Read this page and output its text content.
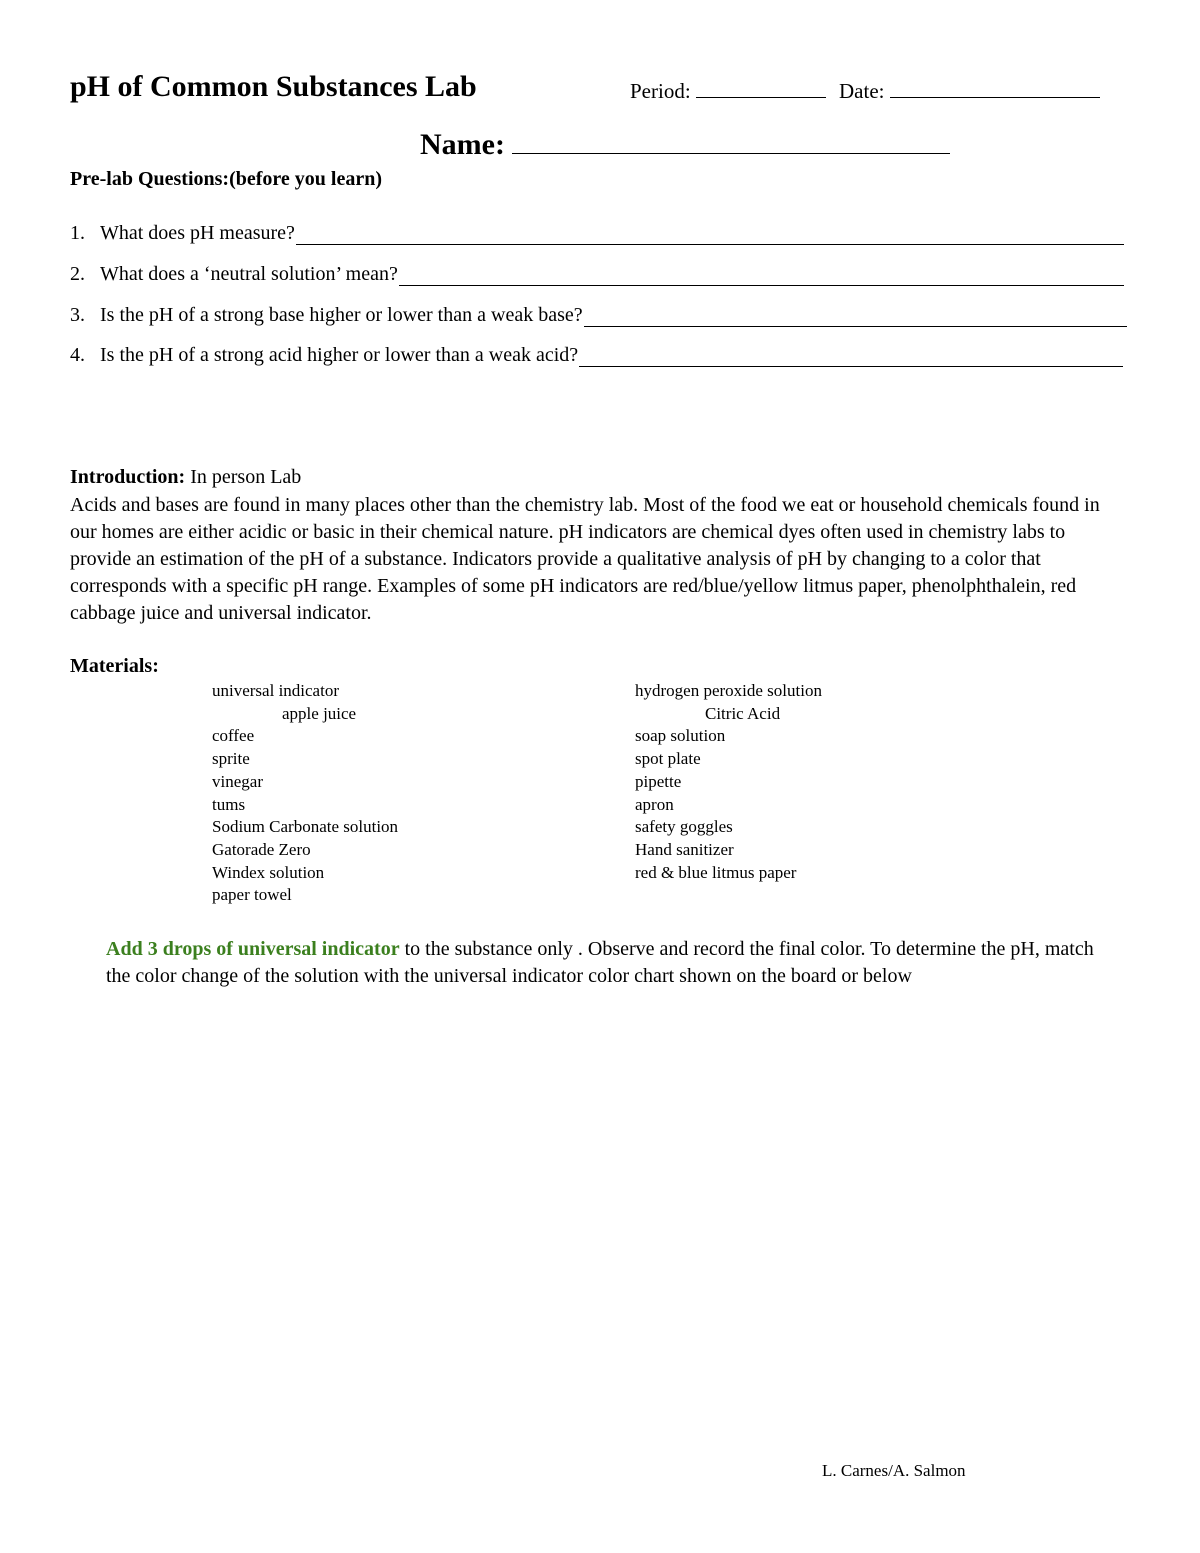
pH of Common Substances Lab	Period:	Date:
Name:
Pre-lab Questions:(before you learn)
1. What does pH measure?
2. What does a ‘neutral solution’ mean?
3. Is the pH of a strong base higher or lower than a weak base?
4. Is the pH of a strong acid higher or lower than a weak acid?
Introduction: In person Lab
Acids and bases are found in many places other than the chemistry lab. Most of the food we eat or household chemicals found in our homes are either acidic or basic in their chemical nature. pH indicators are chemical dyes often used in chemistry labs to provide an estimation of the pH of a substance. Indicators provide a qualitative analysis of pH by changing to a color that corresponds with a specific pH range. Examples of some pH indicators are red/blue/yellow litmus paper, phenolphthalein, red cabbage juice and universal indicator.
Materials:
universal indicator
apple juice
coffee
sprite
vinegar
tums
Sodium Carbonate solution
Gatorade Zero
Windex solution
paper towel
hydrogen peroxide solution
Citric Acid
soap solution
spot plate
pipette
apron
safety goggles
Hand sanitizer
red & blue litmus paper
Add 3 drops of universal indicator to the substance only . Observe and record the final color. To determine the pH, match the color change of the solution with the universal indicator color chart shown on the board or below
L. Carnes/A. Salmon
